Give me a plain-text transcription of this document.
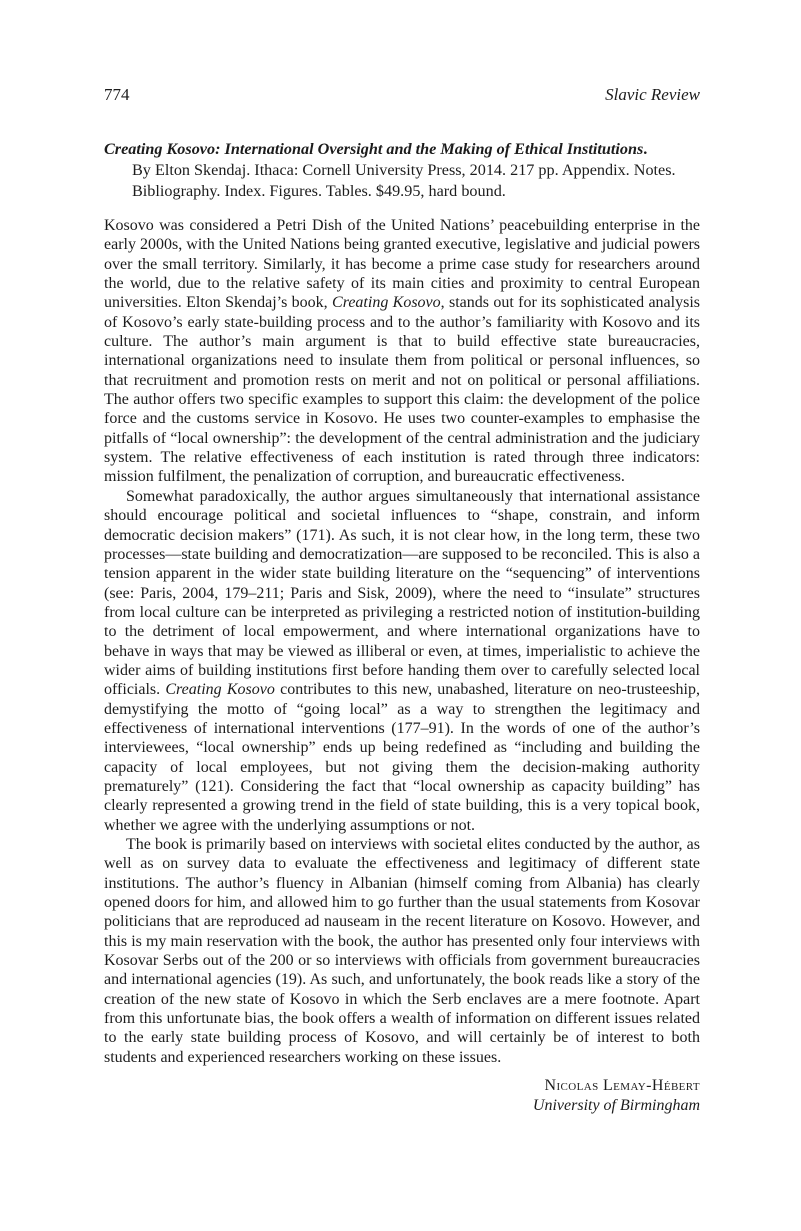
774	Slavic Review
Creating Kosovo: International Oversight and the Making of Ethical Institutions.
By Elton Skendaj. Ithaca: Cornell University Press, 2014. 217 pp. Appendix. Notes. Bibliography. Index. Figures. Tables. $49.95, hard bound.

Kosovo was considered a Petri Dish of the United Nations’ peacebuilding enterprise in the early 2000s, with the United Nations being granted executive, legislative and judicial powers over the small territory. Similarly, it has become a prime case study for researchers around the world, due to the relative safety of its main cities and proximity to central European universities. Elton Skendaj’s book, Creating Kosovo, stands out for its sophisticated analysis of Kosovo’s early state-building process and to the author’s familiarity with Kosovo and its culture. The author’s main argument is that to build effective state bureaucracies, international organizations need to insulate them from political or personal influences, so that recruitment and promotion rests on merit and not on political or personal affiliations. The author offers two specific examples to support this claim: the development of the police force and the customs service in Kosovo. He uses two counter-examples to emphasise the pitfalls of “local ownership”: the development of the central administration and the judiciary system. The relative effectiveness of each institution is rated through three indicators: mission fulfilment, the penalization of corruption, and bureaucratic effectiveness.

Somewhat paradoxically, the author argues simultaneously that international assistance should encourage political and societal influences to “shape, constrain, and inform democratic decision makers” (171). As such, it is not clear how, in the long term, these two processes—state building and democratization—are supposed to be reconciled. This is also a tension apparent in the wider state building literature on the “sequencing” of interventions (see: Paris, 2004, 179–211; Paris and Sisk, 2009), where the need to “insulate” structures from local culture can be interpreted as privileging a restricted notion of institution-building to the detriment of local empowerment, and where international organizations have to behave in ways that may be viewed as illiberal or even, at times, imperialistic to achieve the wider aims of building institutions first before handing them over to carefully selected local officials. Creating Kosovo contributes to this new, unabashed, literature on neo-trusteeship, demystifying the motto of “going local” as a way to strengthen the legitimacy and effectiveness of international interventions (177–91). In the words of one of the author’s interviewees, “local ownership” ends up being redefined as “including and building the capacity of local employees, but not giving them the decision-making authority prematurely” (121). Considering the fact that “local ownership as capacity building” has clearly represented a growing trend in the field of state building, this is a very topical book, whether we agree with the underlying assumptions or not.

The book is primarily based on interviews with societal elites conducted by the author, as well as on survey data to evaluate the effectiveness and legitimacy of different state institutions. The author’s fluency in Albanian (himself coming from Albania) has clearly opened doors for him, and allowed him to go further than the usual statements from Kosovar politicians that are reproduced ad nauseam in the recent literature on Kosovo. However, and this is my main reservation with the book, the author has presented only four interviews with Kosovar Serbs out of the 200 or so interviews with officials from government bureaucracies and international agencies (19). As such, and unfortunately, the book reads like a story of the creation of the new state of Kosovo in which the Serb enclaves are a mere footnote. Apart from this unfortunate bias, the book offers a wealth of information on different issues related to the early state building process of Kosovo, and will certainly be of interest to both students and experienced researchers working on these issues.

Nicolas Lemay-Hébert
University of Birmingham
